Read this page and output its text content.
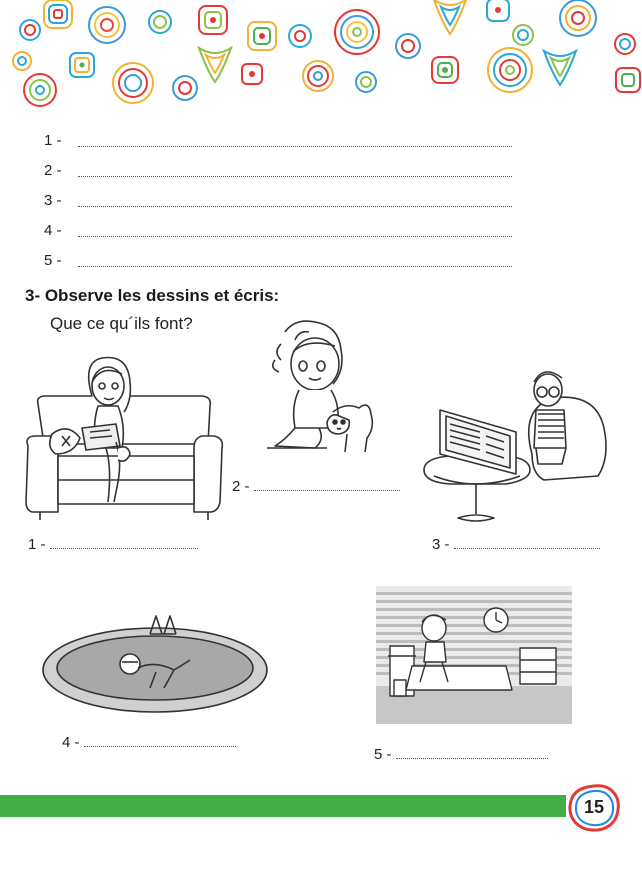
1 -
2 -
3 -
4 -
5 -
3- Observe les dessins et écris:
Que ce qu´ils font?
1 -
2 -
3 -
4 -
5 -
15
